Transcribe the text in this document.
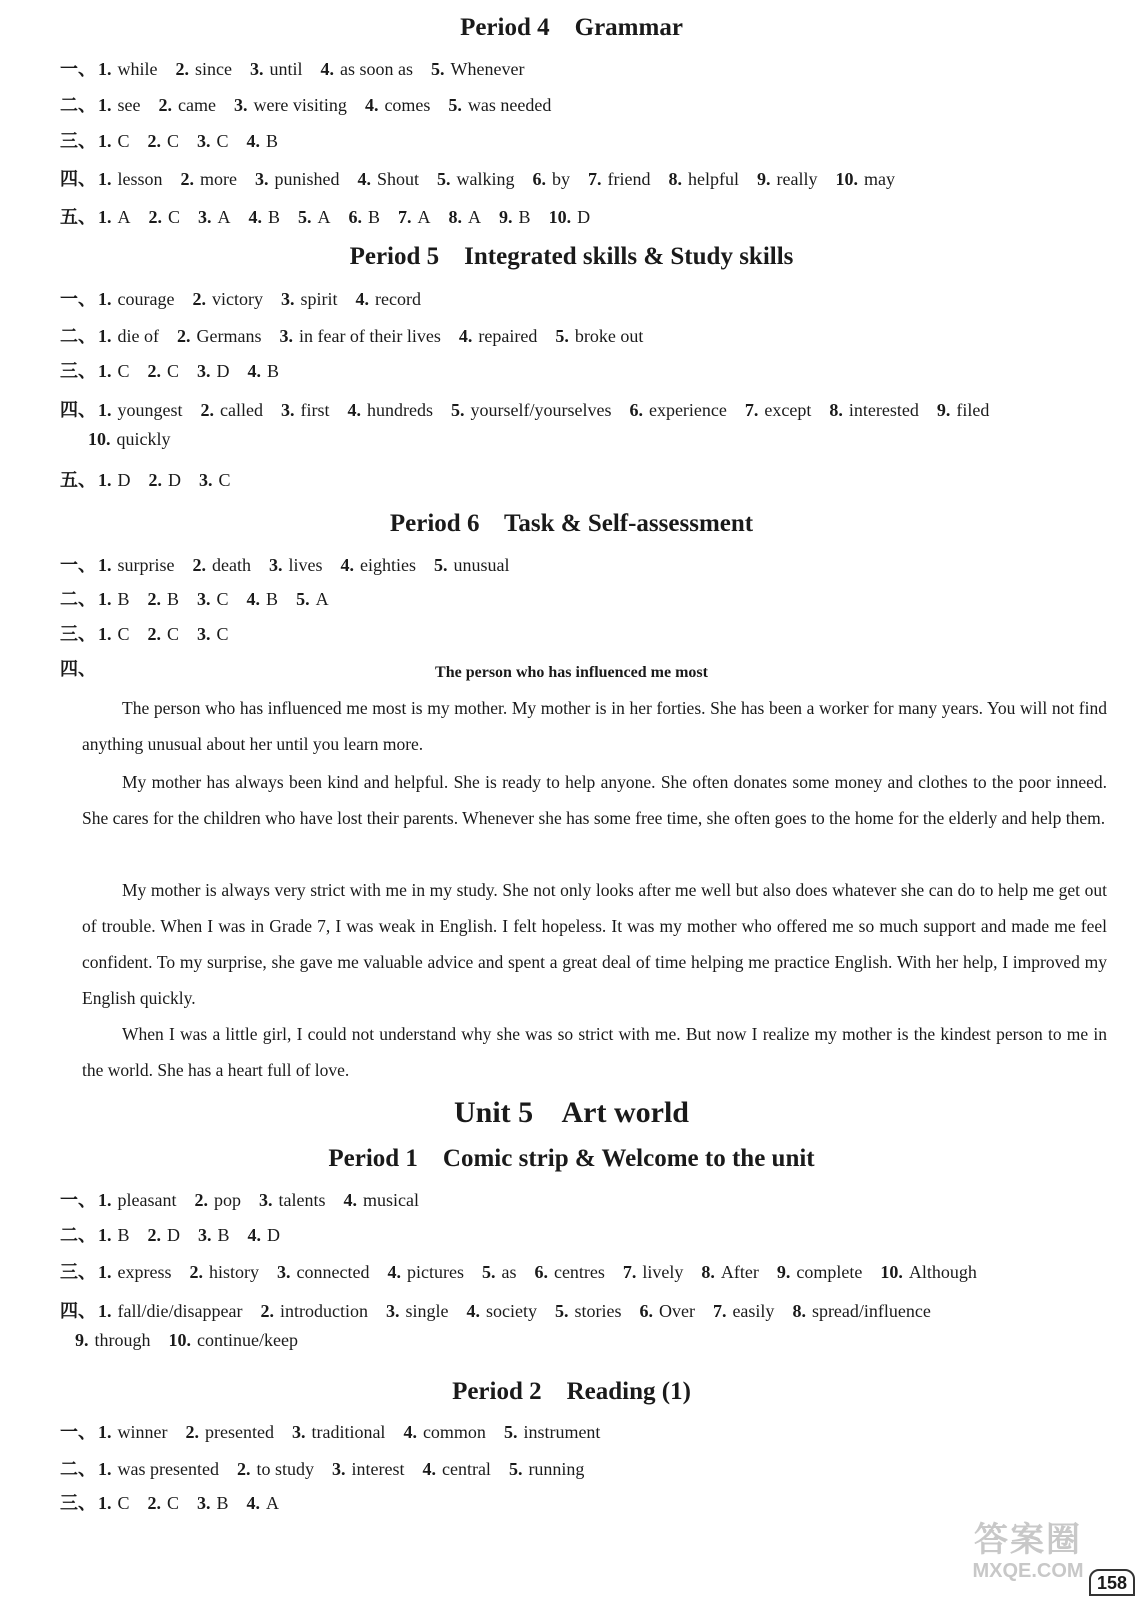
Period 4    Grammar
一、 1. while 2. since 3. until 4. as soon as 5. Whenever
二、 1. see 2. came 3. were visiting 4. comes 5. was needed
三、 1. C 2. C 3. C 4. B
四、 1. lesson 2. more 3. punished 4. Shout 5. walking 6. by 7. friend 8. helpful 9. really 10. may
五、 1. A 2. C 3. A 4. B 5. A 6. B 7. A 8. A 9. B 10. D
Period 5    Integrated skills & Study skills
一、 1. courage 2. victory 3. spirit 4. record
二、 1. die of 2. Germans 3. in fear of their lives 4. repaired 5. broke out
三、 1. C 2. C 3. D 4. B
四、 1. youngest 2. called 3. first 4. hundreds 5. yourself/yourselves 6. experience 7. except 8. interested 9. filed
10. quickly
五、 1. D 2. D 3. C
Period 6    Task & Self-assessment
一、 1. surprise 2. death 3. lives 4. eighties 5. unusual
二、 1. B 2. B 3. C 4. B 5. A
三、 1. C 2. C 3. C
四、	The person who has influenced me most
The person who has influenced me most is my mother. My mother is in her forties. She has been a worker for many years. You will not find anything unusual about her until you learn more.
My mother has always been kind and helpful. She is ready to help anyone. She often donates some money and clothes to the poor inneed. She cares for the children who have lost their parents. Whenever she has some free time, she often goes to the home for the elderly and help them.
My mother is always very strict with me in my study. She not only looks after me well but also does whatever she can do to help me get out of trouble. When I was in Grade 7, I was weak in English. I felt hopeless. It was my mother who offered me so much support and made me feel confident. To my surprise, she gave me valuable advice and spent a great deal of time helping me practice English. With her help, I improved my English quickly.
When I was a little girl, I could not understand why she was so strict with me. But now I realize my mother is the kindest person to me in the world. She has a heart full of love.
Unit 5    Art world
Period 1    Comic strip & Welcome to the unit
一、 1. pleasant 2. pop 3. talents 4. musical
二、 1. B 2. D 3. B 4. D
三、 1. express 2. history 3. connected 4. pictures 5. as 6. centres 7. lively 8. After 9. complete 10. Although
四、 1. fall/die/disappear 2. introduction 3. single 4. society 5. stories 6. Over 7. easily 8. spread/influence
9. through 10. continue/keep
Period 2    Reading (1)
一、 1. winner 2. presented 3. traditional 4. common 5. instrument
二、 1. was presented 2. to study 3. interest 4. central 5. running
三、 1. C 2. C 3. B 4. A
答案圈
MXQE.COM
158
